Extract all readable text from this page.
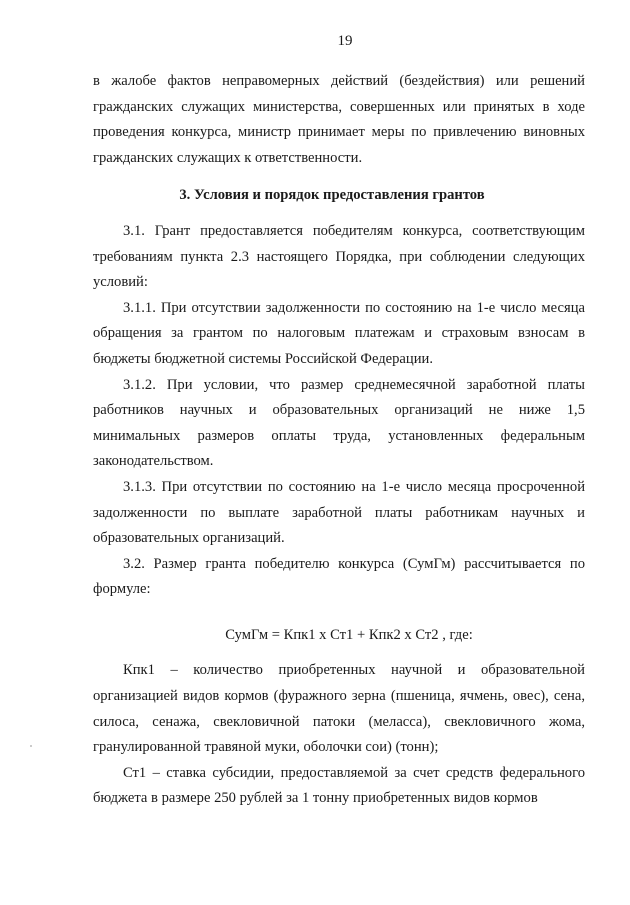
19

в жалобе фактов неправомерных действий (бездействия) или решений гражданских служащих министерства, совершенных или принятых в ходе проведения конкурса, министр принимает меры по привлечению виновных гражданских служащих к ответственности.

3. Условия и порядок предоставления грантов

3.1. Грант предоставляется победителям конкурса, соответствующим требованиям пункта 2.3 настоящего Порядка, при соблюдении следующих условий:

3.1.1. При отсутствии задолженности по состоянию на 1-е число месяца обращения за грантом по налоговым платежам и страховым взносам в бюджеты бюджетной системы Российской Федерации.

3.1.2. При условии, что размер среднемесячной заработной платы работников научных и образовательных организаций не ниже 1,5 минимальных размеров оплаты труда, установленных федеральным законодательством.

3.1.3. При отсутствии по состоянию на 1-е число месяца просроченной задолженности по выплате заработной платы работникам научных и образовательных организаций.

3.2. Размер гранта победителю конкурса (СумГм) рассчитывается по формуле:

СумГм = Кпк1 x Ст1 + Кпк2 x Ст2 , где:

Кпк1 – количество приобретенных научной и образовательной организацией видов кормов (фуражного зерна (пшеница, ячмень, овес), сена, силоса, сенажа, свекловичной патоки (меласса), свекловичного жома, гранулированной травяной муки, оболочки сои) (тонн);

Ст1 – ставка субсидии, предоставляемой за счет средств федерального бюджета в размере 250 рублей за 1 тонну приобретенных видов кормов
